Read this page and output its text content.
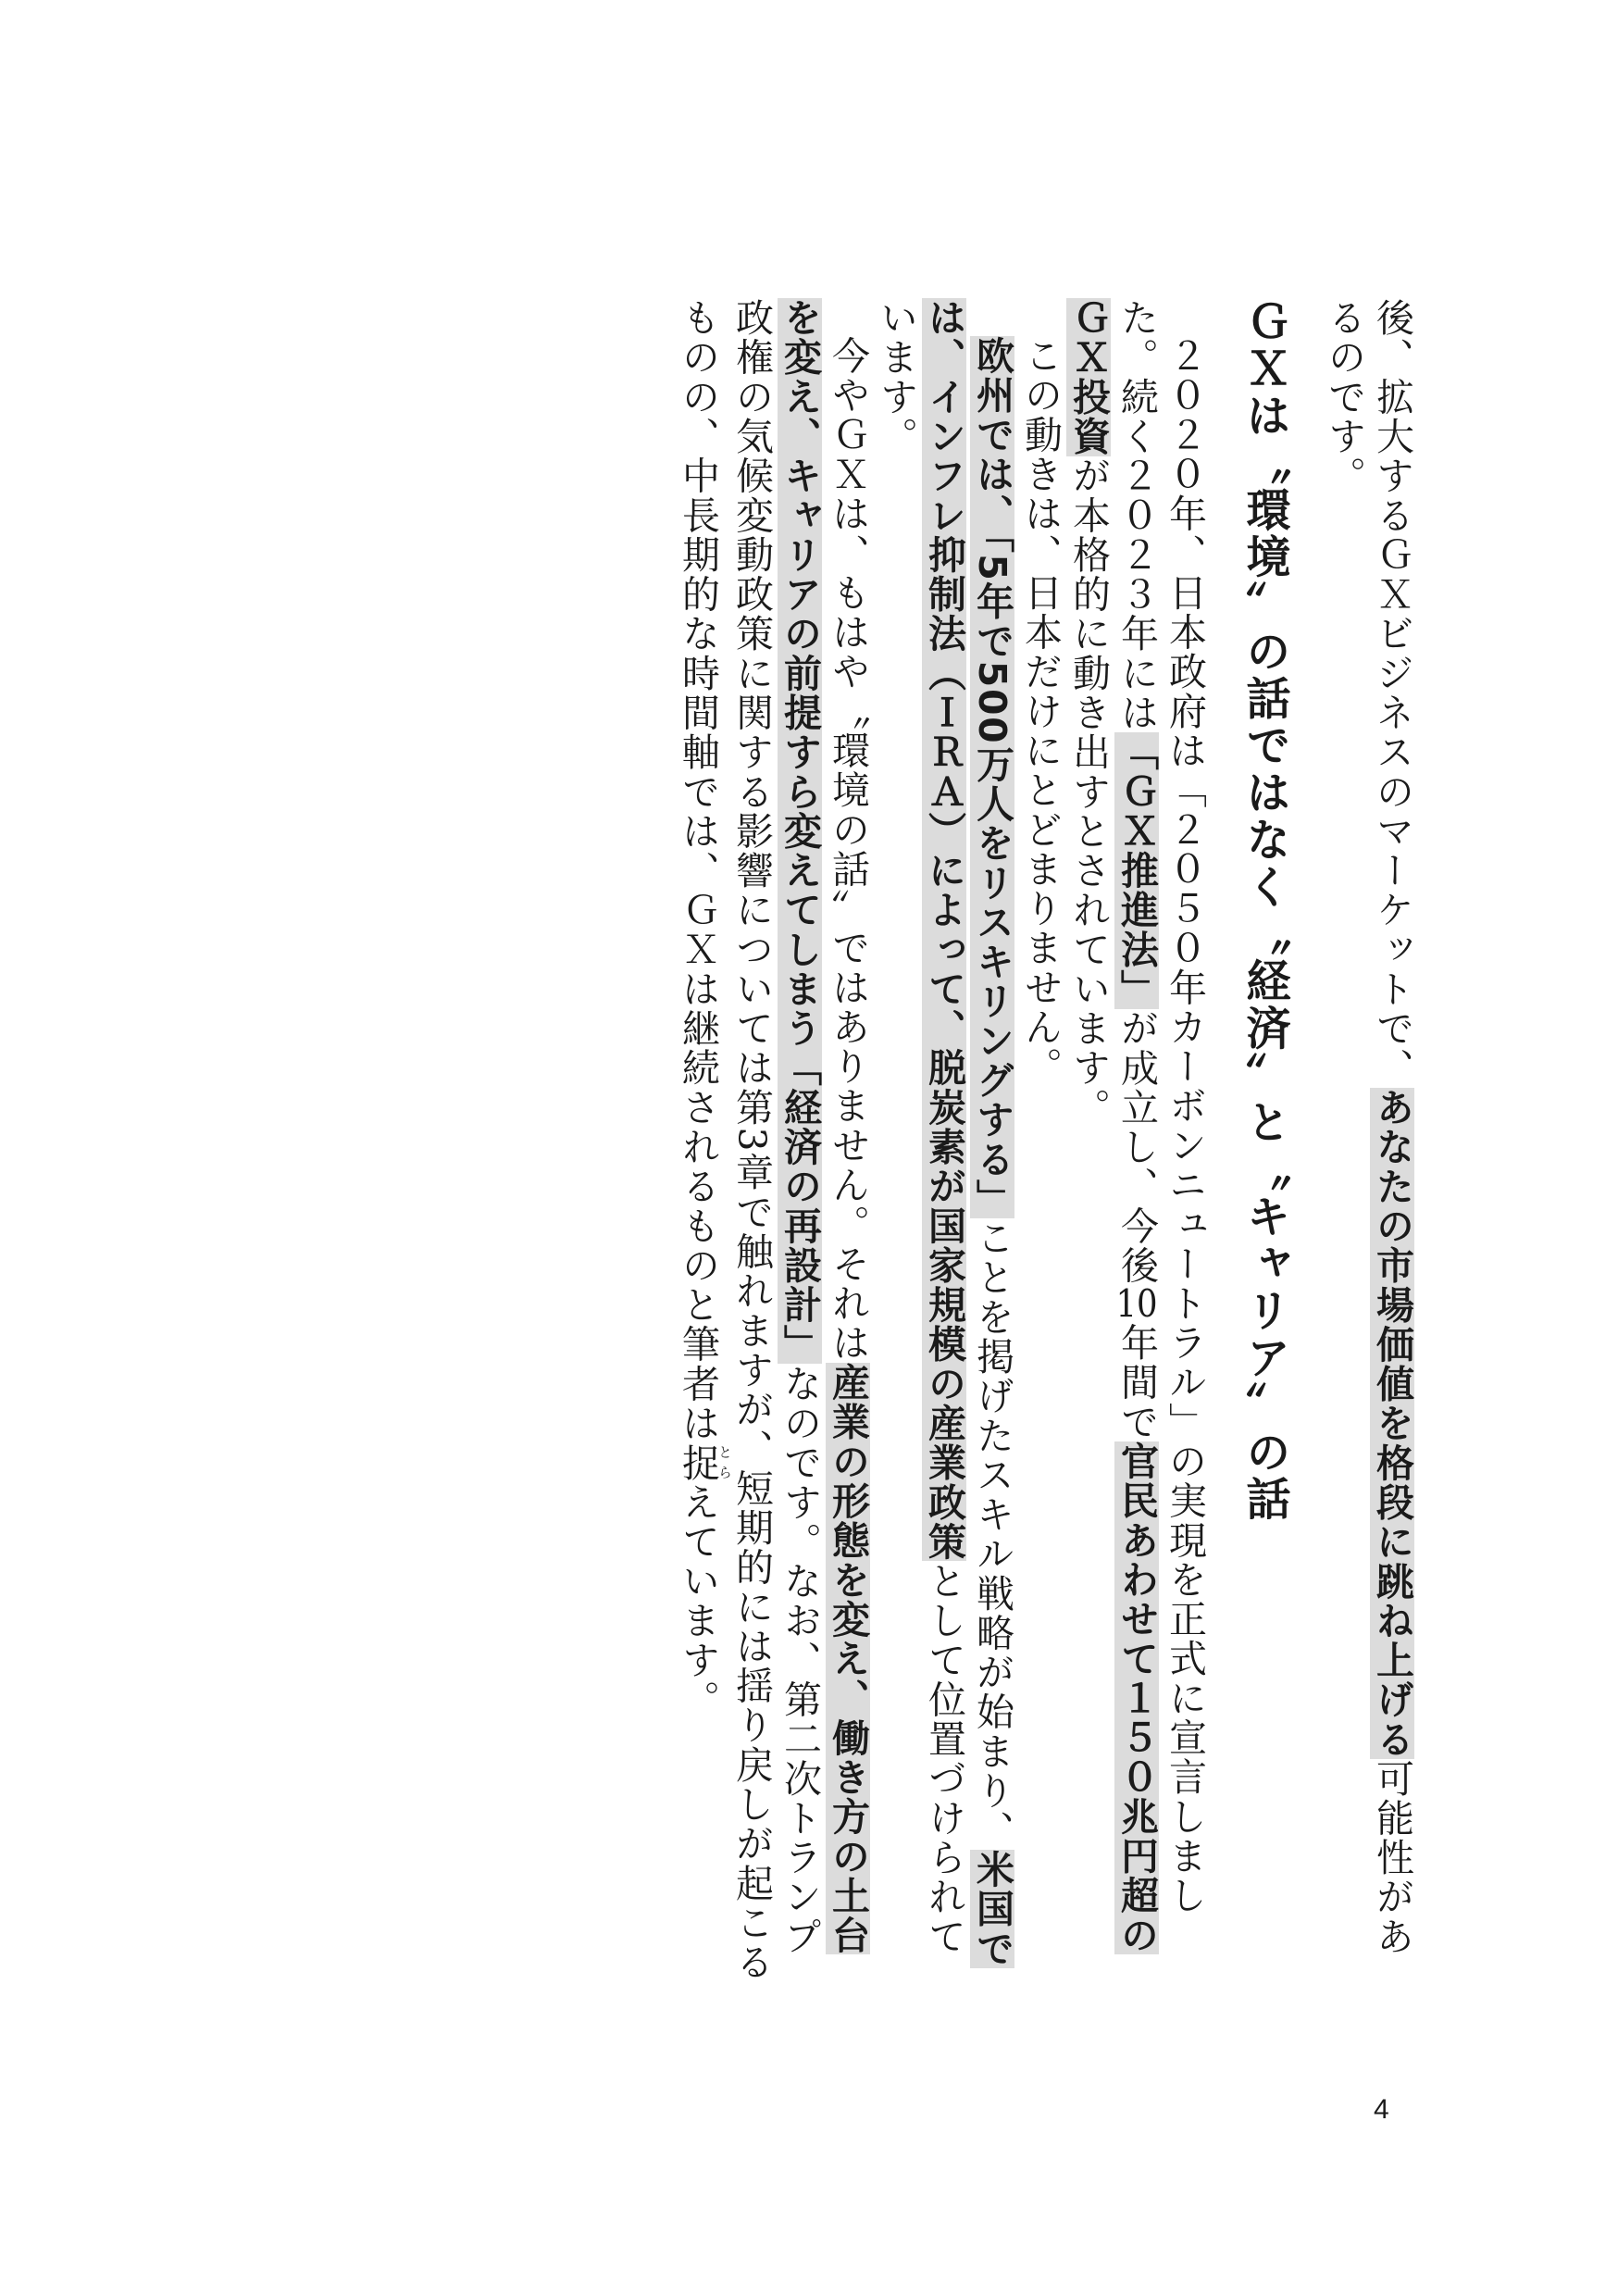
後、拡大するＧＸビジネスのマーケットで、あなたの市場価値を格段に跳ね上げる可能性があるのです。

ＧＸは〝環境〟の話ではなく〝経済〟と〝キャリア〟の話

２０２０年、日本政府は「２０５０年カーボンニュートラル」の実現を正式に宣言しました。続く２０２３年には「ＧＸ推進法」が成立し、今後10年間で官民あわせて１５０兆円超のＧＸ投資が本格的に動き出すとされています。

この動きは、日本だけにとどまりません。

欧州では、「5年で500万人をリスキリングする」ことを掲げたスキル戦略が始まり、米国では、インフレ抑制法（ＩＲＡ）によって、脱炭素が国家規模の産業政策として位置づけられています。

今やＧＸは、もはや〝環境の話〟ではありません。それは産業の形態を変え、働き方の土台を変え、キャリアの前提すら変えてしまう「経済の再設計」なのです。なお、第二次トランプ政権の気候変動政策に関する影響については第3章で触れますが、短期的には揺り戻しが起こるものの、中長期的な時間軸では、ＧＸは継続されるものと筆者は捉とらえています。

4
